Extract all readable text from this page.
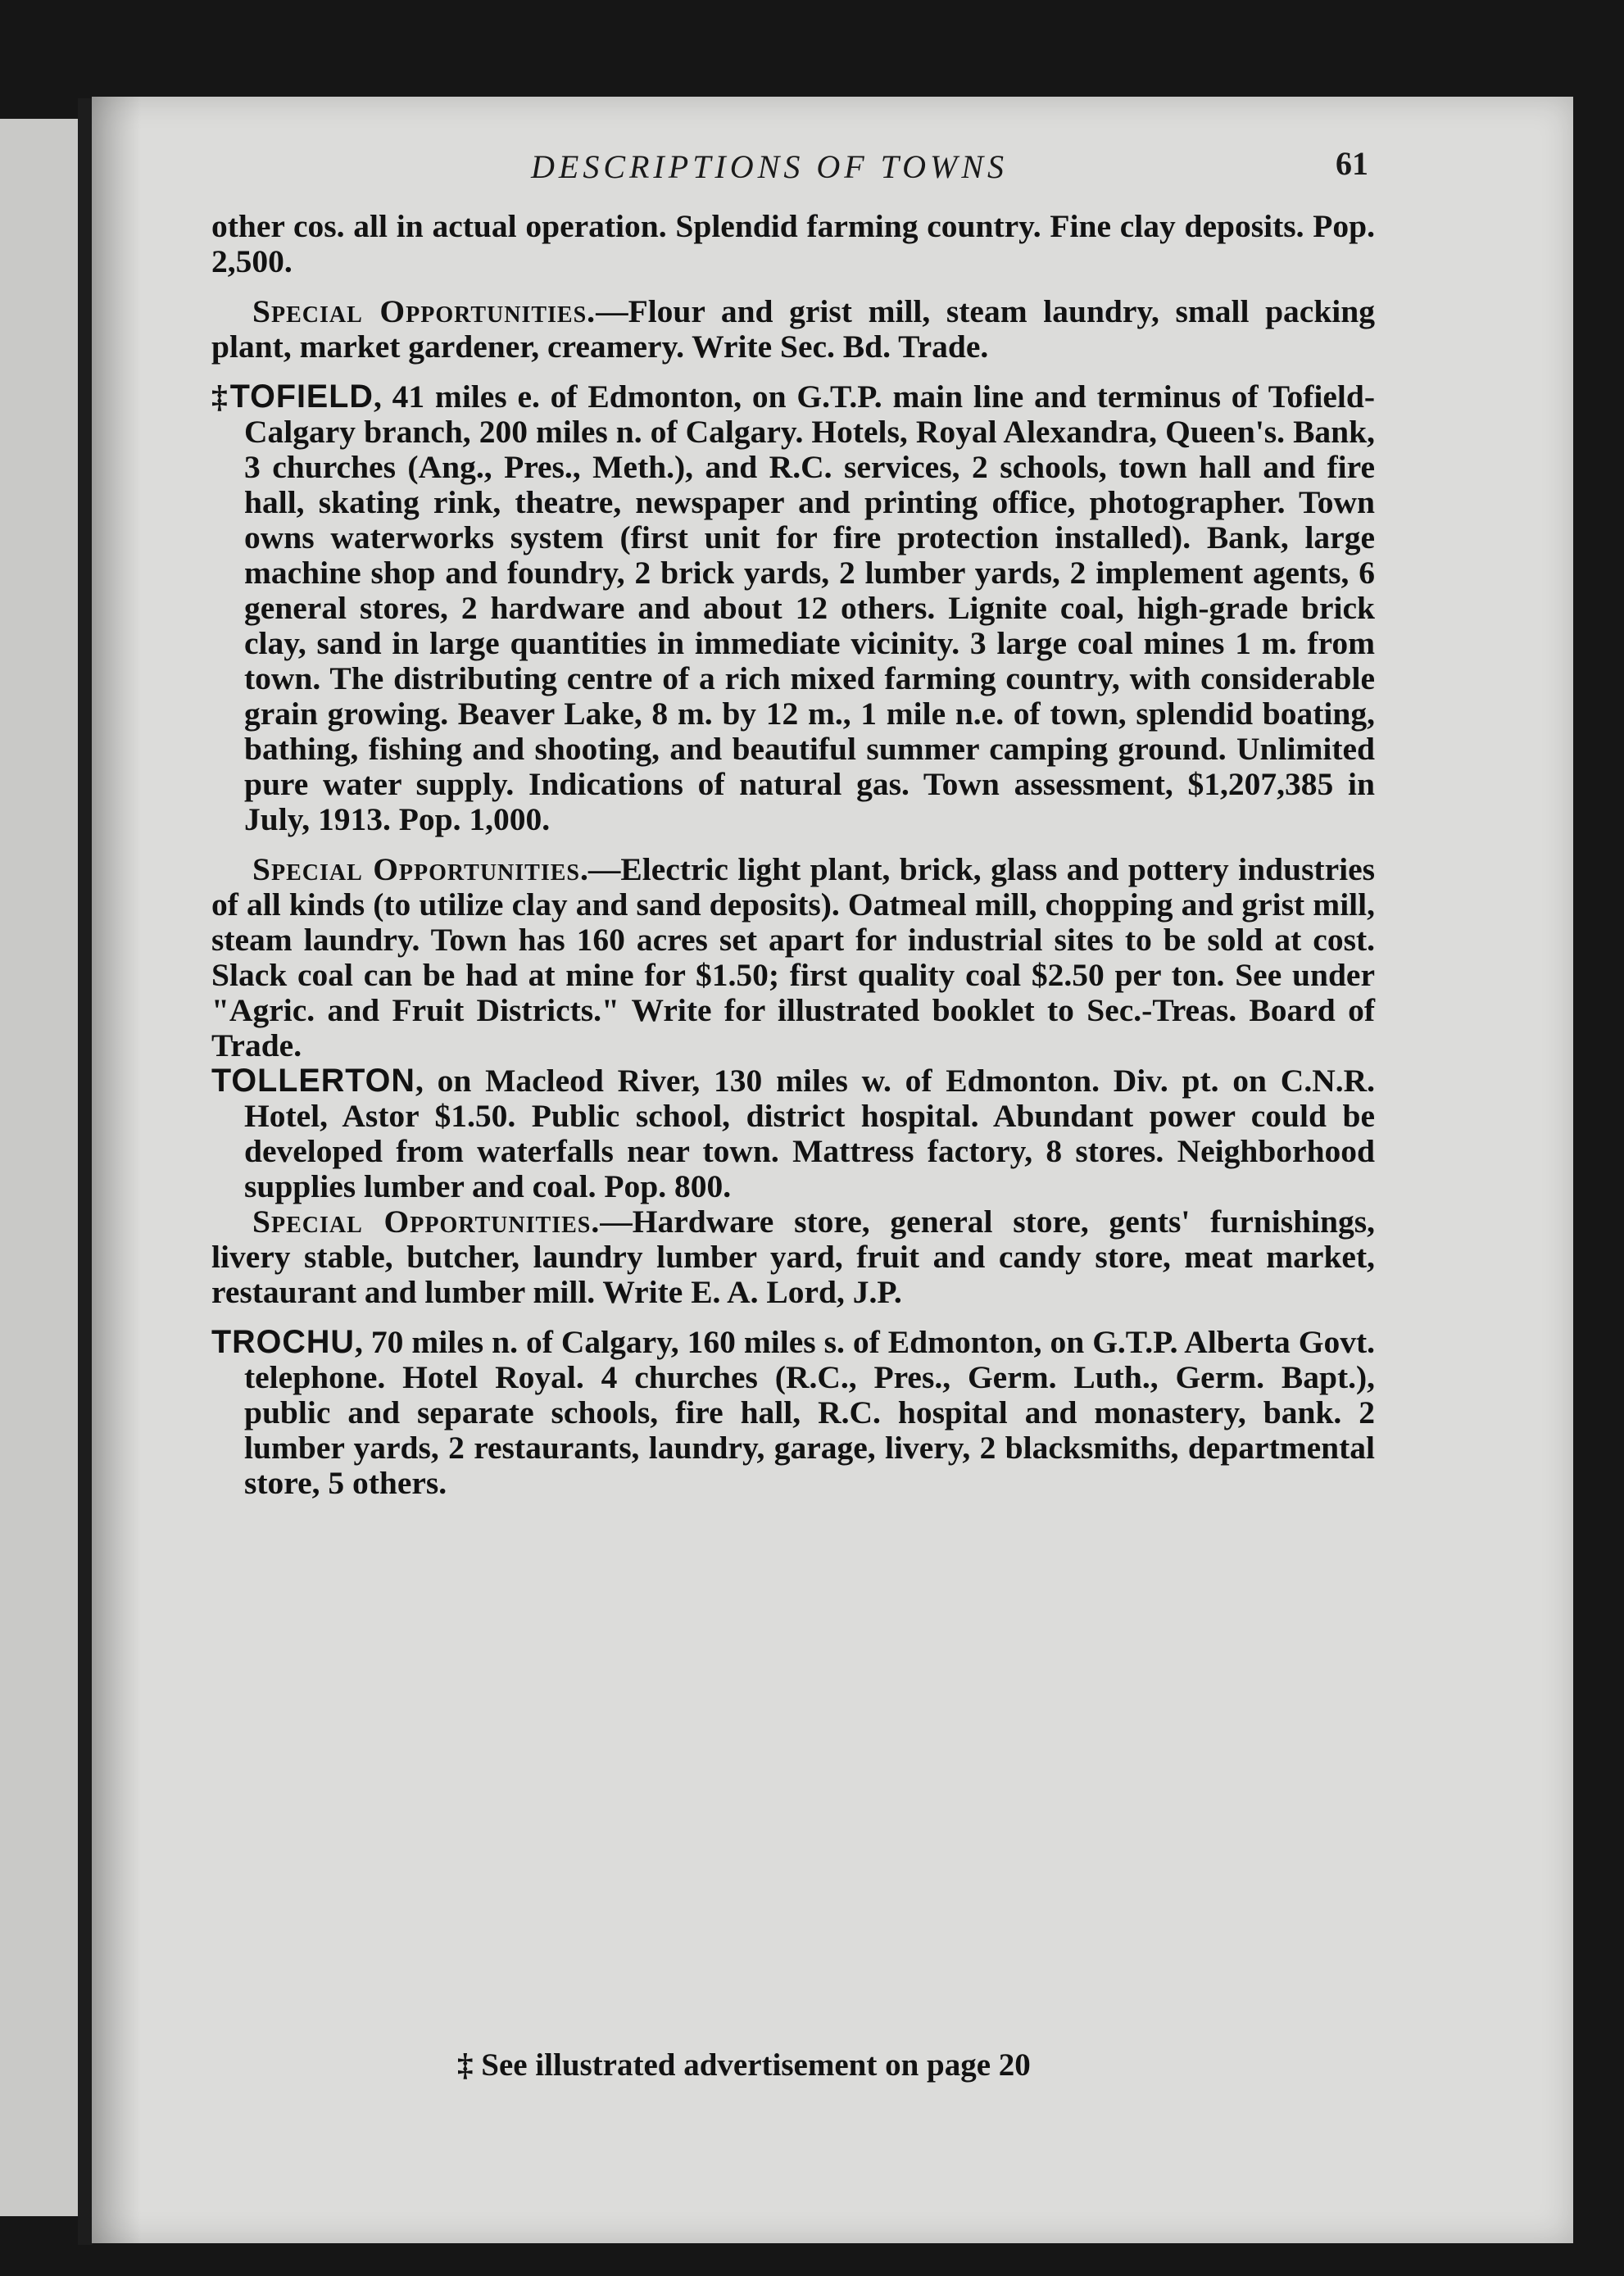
DESCRIPTIONS OF TOWNS	61

other cos. all in actual operation. Splendid farming country. Fine clay deposits. Pop. 2,500.

Special Opportunities.—Flour and grist mill, steam laundry, small packing plant, market gardener, creamery. Write Sec. Bd. Trade.

‡TOFIELD, 41 miles e. of Edmonton, on G.T.P. main line and terminus of Tofield-Calgary branch, 200 miles n. of Calgary. Hotels, Royal Alexandra, Queen's. Bank, 3 churches (Ang., Pres., Meth.), and R.C. services, 2 schools, town hall and fire hall, skating rink, theatre, newspaper and printing office, photographer. Town owns waterworks system (first unit for fire protection installed). Bank, large machine shop and foundry, 2 brick yards, 2 lumber yards, 2 implement agents, 6 general stores, 2 hardware and about 12 others. Lignite coal, high-grade brick clay, sand in large quantities in immediate vicinity. 3 large coal mines 1 m. from town. The distributing centre of a rich mixed farming country, with considerable grain growing. Beaver Lake, 8 m. by 12 m., 1 mile n.e. of town, splendid boating, bathing, fishing and shooting, and beautiful summer camping ground. Unlimited pure water supply. Indications of natural gas. Town assessment, $1,207,385 in July, 1913. Pop. 1,000.

Special Opportunities.—Electric light plant, brick, glass and pottery industries of all kinds (to utilize clay and sand deposits). Oatmeal mill, chopping and grist mill, steam laundry. Town has 160 acres set apart for industrial sites to be sold at cost. Slack coal can be had at mine for $1.50; first quality coal $2.50 per ton. See under "Agric. and Fruit Districts." Write for illustrated booklet to Sec.-Treas. Board of Trade.

TOLLERTON, on Macleod River, 130 miles w. of Edmonton. Div. pt. on C.N.R. Hotel, Astor $1.50. Public school, district hospital. Abundant power could be developed from waterfalls near town. Mattress factory, 8 stores. Neighborhood supplies lumber and coal. Pop. 800.

Special Opportunities.—Hardware store, general store, gents' furnishings, livery stable, butcher, laundry lumber yard, fruit and candy store, meat market, restaurant and lumber mill. Write E. A. Lord, J.P.

TROCHU, 70 miles n. of Calgary, 160 miles s. of Edmonton, on G.T.P. Alberta Govt. telephone. Hotel Royal. 4 churches (R.C., Pres., Germ. Luth., Germ. Bapt.), public and separate schools, fire hall, R.C. hospital and monastery, bank. 2 lumber yards, 2 restaurants, laundry, garage, livery, 2 blacksmiths, departmental store, 5 others.

‡ See illustrated advertisement on page 20
